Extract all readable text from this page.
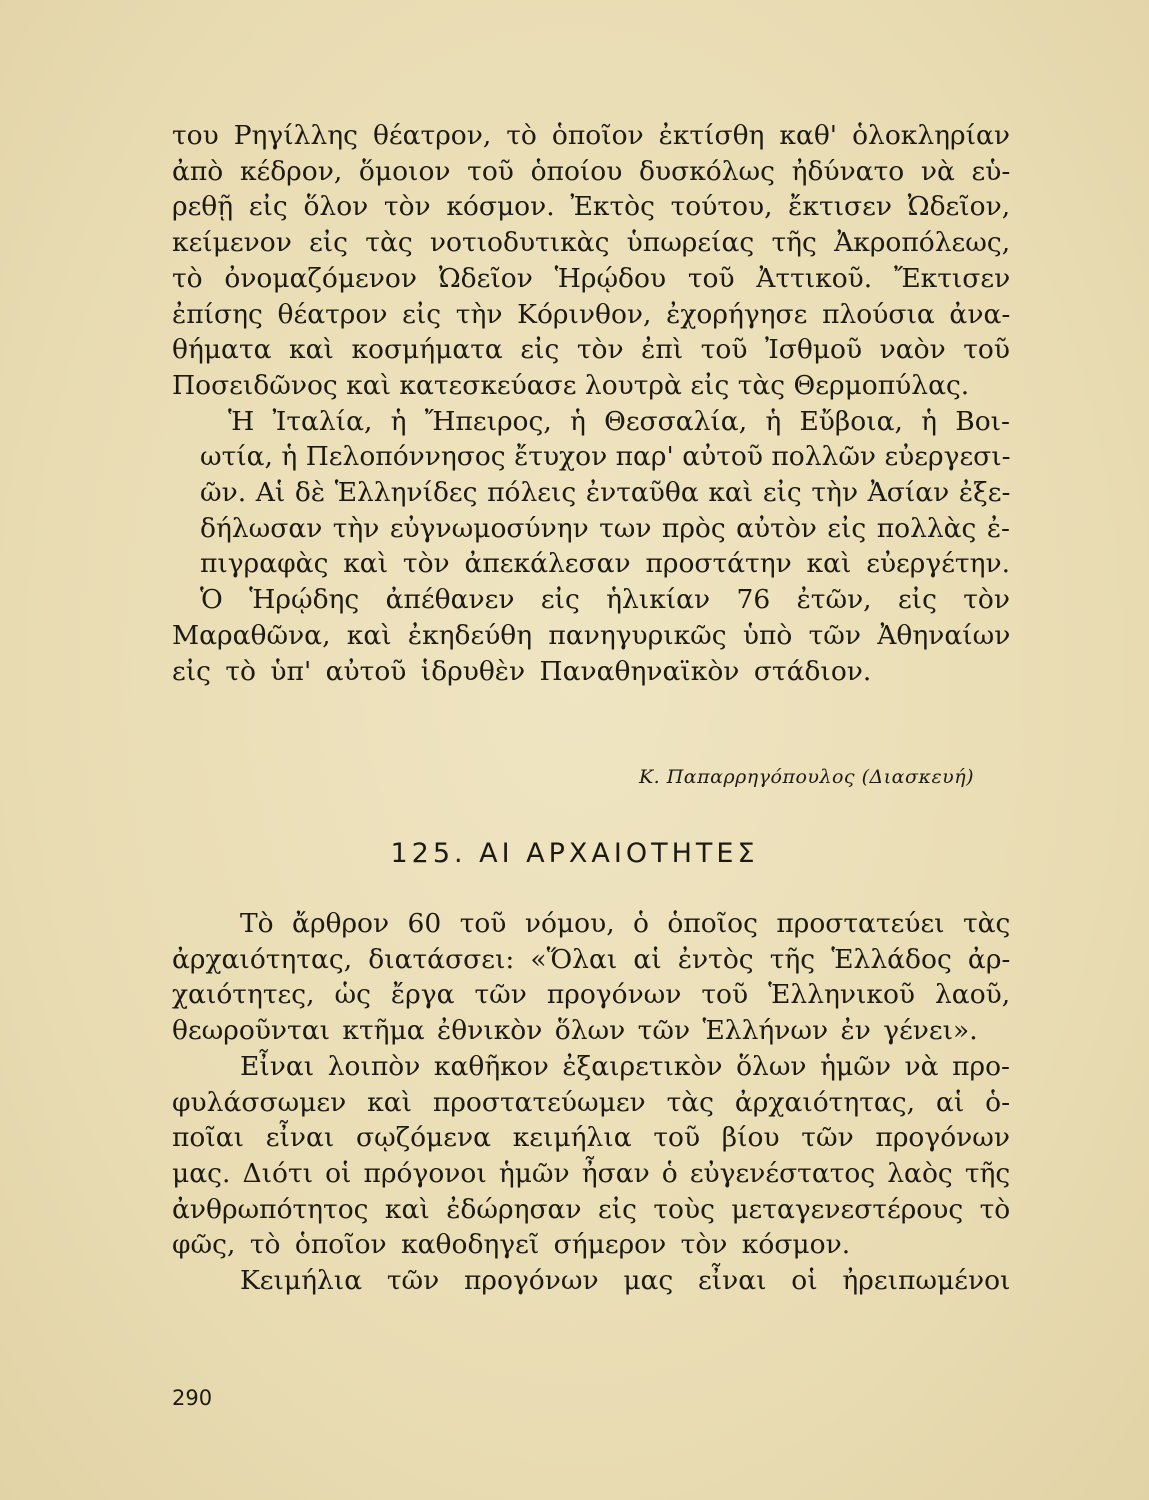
του Ρηγίλλης θέατρον, τὸ ὁποῖον ἐκτίσθη καθ' ὁλοκληρίαν
ἀπὸ κέδρον, ὅμοιον τοῦ ὁποίου δυσκόλως ἠδύνατο νὰ εὑ-
ρεθῇ εἰς ὅλον τὸν κόσμον. Ἐκτὸς τούτου, ἔκτισεν Ὠδεῖον,
κείμενον εἰς τὰς νοτιοδυτικὰς ὑπωρείας τῆς Ἀκροπόλεως,
τὸ ὀνομαζόμενον Ὠδεῖον Ἡρῴδου τοῦ Ἀττικοῦ. Ἔκτισεν
ἐπίσης θέατρον εἰς τὴν Κόρινθον, ἐχορήγησε πλούσια ἀνα-
θήματα καὶ κοσμήματα εἰς τὸν ἐπὶ τοῦ Ἰσθμοῦ ναὸν τοῦ
Ποσειδῶνος καὶ κατεσκεύασε λουτρὰ εἰς τὰς Θερμοπύλας.

Ἡ Ἰταλία, ἡ Ἤπειρος, ἡ Θεσσαλία, ἡ Εὔβοια, ἡ Βοι-
ωτία, ἡ Πελοπόννησος ἔτυχον παρ' αὐτοῦ πολλῶν εὐεργεσι-
ῶν. Αἱ δὲ Ἑλληνίδες πόλεις ἐνταῦθα καὶ εἰς τὴν Ἀσίαν ἐξε-
δήλωσαν τὴν εὐγνωμοσύνην των πρὸς αὐτὸν εἰς πολλὰς ἐ-
πιγραφὰς καὶ τὸν ἀπεκάλεσαν προστάτην καὶ εὐεργέτην.

Ὁ Ἡρῴδης ἀπέθανεν εἰς ἡλικίαν 76 ἐτῶν, εἰς τὸν
Μαραθῶνα, καὶ ἐκηδεύθη πανηγυρικῶς ὑπὸ τῶν Ἀθηναίων
εἰς τὸ ὑπ' αὐτοῦ ἱδρυθὲν Παναθηναϊκὸν στάδιον.

Κ. Παπαρρηγόπουλος (Διασκευή)
125. ΑΙ ΑΡΧΑΙΟΤΗΤΕΣ

Τὸ ἄρθρον 60 τοῦ νόμου, ὁ ὁποῖος προστατεύει τὰς
ἀρχαιότητας, διατάσσει: «Ὅλαι αἱ ἐντὸς τῆς Ἑλλάδος ἀρ-
χαιότητες, ὡς ἔργα τῶν προγόνων τοῦ Ἑλληνικοῦ λαοῦ,
θεωροῦνται κτῆμα ἐθνικὸν ὅλων τῶν Ἑλλήνων ἐν γένει».

Εἶναι λοιπὸν καθῆκον ἐξαιρετικὸν ὅλων ἡμῶν νὰ προ-
φυλάσσωμεν καὶ προστατεύωμεν τὰς ἀρχαιότητας, αἱ ὁ-
ποῖαι εἶναι σῳζόμενα κειμήλια τοῦ βίου τῶν προγόνων
μας. Διότι οἱ πρόγονοι ἡμῶν ἦσαν ὁ εὐγενέστατος λαὸς τῆς
ἀνθρωπότητος καὶ ἐδώρησαν εἰς τοὺς μεταγενεστέρους τὸ
φῶς, τὸ ὁποῖον καθοδηγεῖ σήμερον τὸν κόσμον.

Κειμήλια τῶν προγόνων μας εἶναι οἱ ἠρειπωμένοι

290
